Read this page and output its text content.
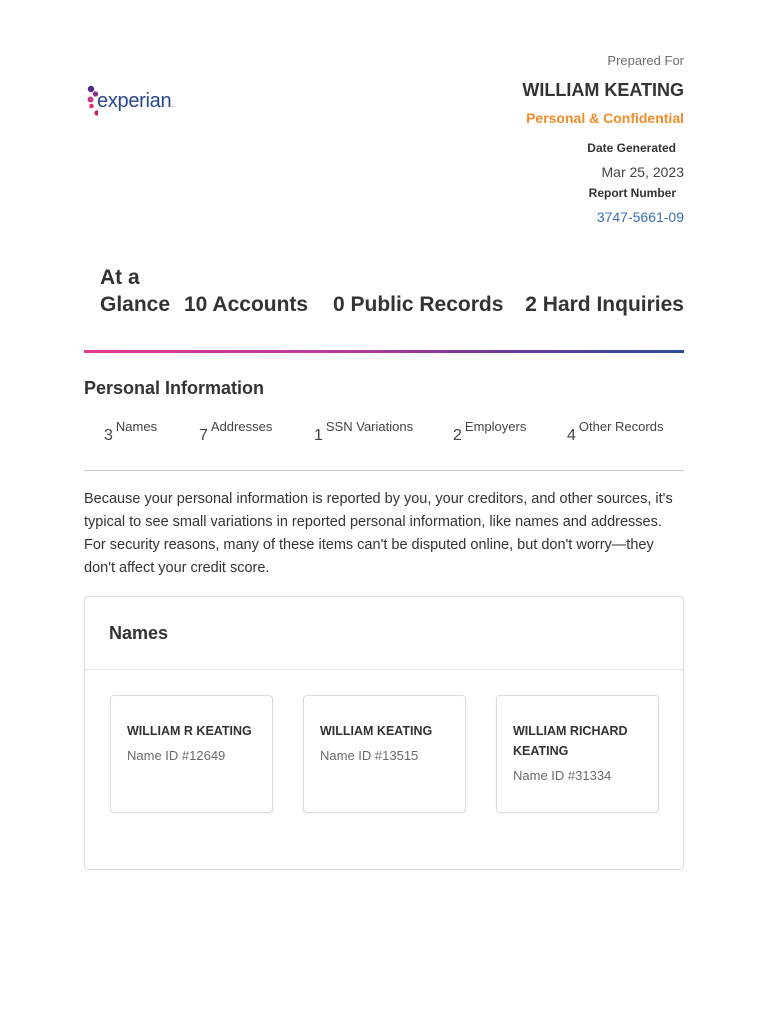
experian.
Prepared For
WILLIAM KEATING
Personal & Confidential
Date Generated
Mar 25, 2023
Report Number
3747-5661-09
At a
Glance 10 Accounts 0 Public Records 2 Hard Inquiries
Personal Information
3Names
7Addresses
1SSN Variations
2Employers
4Other Records
Because your personal information is reported by you, your creditors, and other sources, it's typical to see small variations in reported personal information, like names and addresses. For security reasons, many of these items can't be disputed online, but don't worry—they don't affect your credit score.
Names
WILLIAM R KEATING
Name ID #12649
WILLIAM KEATING
Name ID #13515
WILLIAM RICHARD KEATING
Name ID #31334
